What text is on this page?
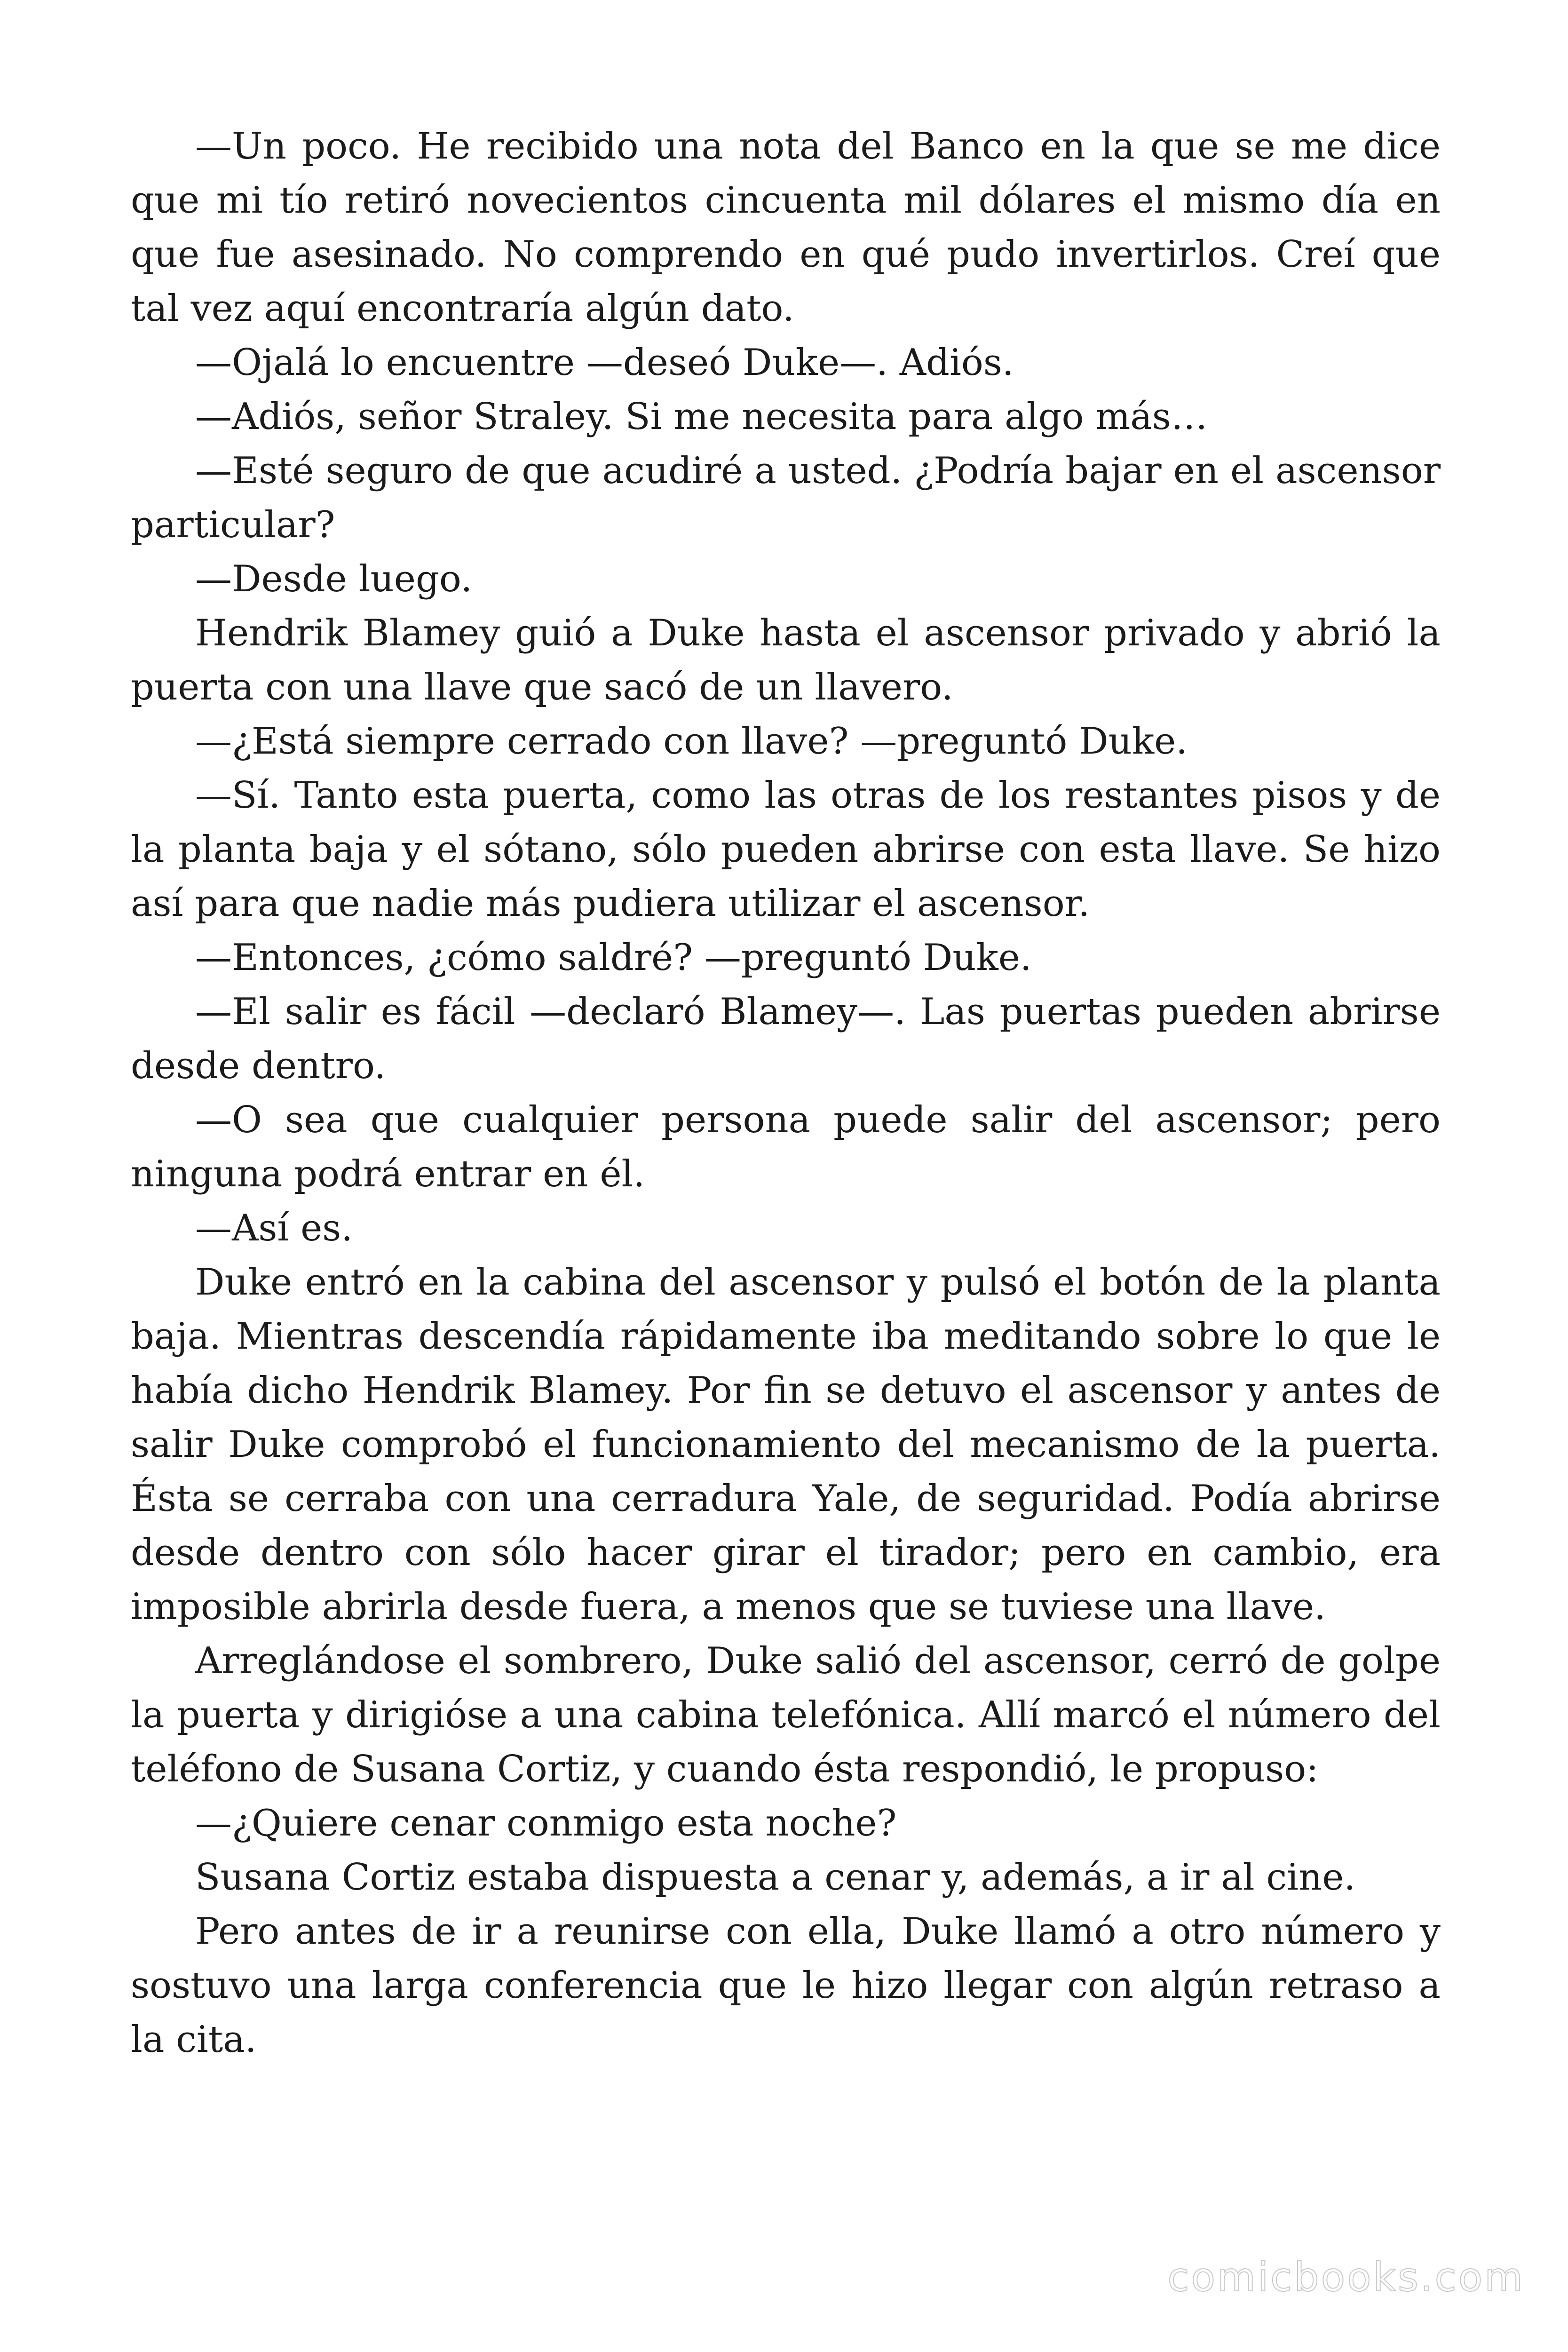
—Un poco. He recibido una nota del Banco en la que se me dice que mi tío retiró novecientos cincuenta mil dólares el mismo día en que fue asesinado. No comprendo en qué pudo invertirlos. Creí que tal vez aquí encontraría algún dato.

—Ojalá lo encuentre —deseó Duke—. Adiós.

—Adiós, señor Straley. Si me necesita para algo más…

—Esté seguro de que acudiré a usted. ¿Podría bajar en el ascensor particular?

—Desde luego.

Hendrik Blamey guió a Duke hasta el ascensor privado y abrió la puerta con una llave que sacó de un llavero.

—¿Está siempre cerrado con llave? —preguntó Duke.

—Sí. Tanto esta puerta, como las otras de los restantes pisos y de la planta baja y el sótano, sólo pueden abrirse con esta llave. Se hizo así para que nadie más pudiera utilizar el ascensor.

—Entonces, ¿cómo saldré? —preguntó Duke.

—El salir es fácil —declaró Blamey—. Las puertas pueden abrirse desde dentro.

—O sea que cualquier persona puede salir del ascensor; pero ninguna podrá entrar en él.

—Así es.

Duke entró en la cabina del ascensor y pulsó el botón de la planta baja. Mientras descendía rápidamente iba meditando sobre lo que le había dicho Hendrik Blamey. Por fin se detuvo el ascensor y antes de salir Duke comprobó el funcionamiento del mecanismo de la puerta. Ésta se cerraba con una cerradura Yale, de seguridad. Podía abrirse desde dentro con sólo hacer girar el tirador; pero en cambio, era imposible abrirla desde fuera, a menos que se tuviese una llave.

Arreglándose el sombrero, Duke salió del ascensor, cerró de golpe la puerta y dirigióse a una cabina telefónica. Allí marcó el número del teléfono de Susana Cortiz, y cuando ésta respondió, le propuso:

—¿Quiere cenar conmigo esta noche?

Susana Cortiz estaba dispuesta a cenar y, además, a ir al cine.

Pero antes de ir a reunirse con ella, Duke llamó a otro número y sostuvo una larga conferencia que le hizo llegar con algún retraso a la cita.

comicbooks.com
